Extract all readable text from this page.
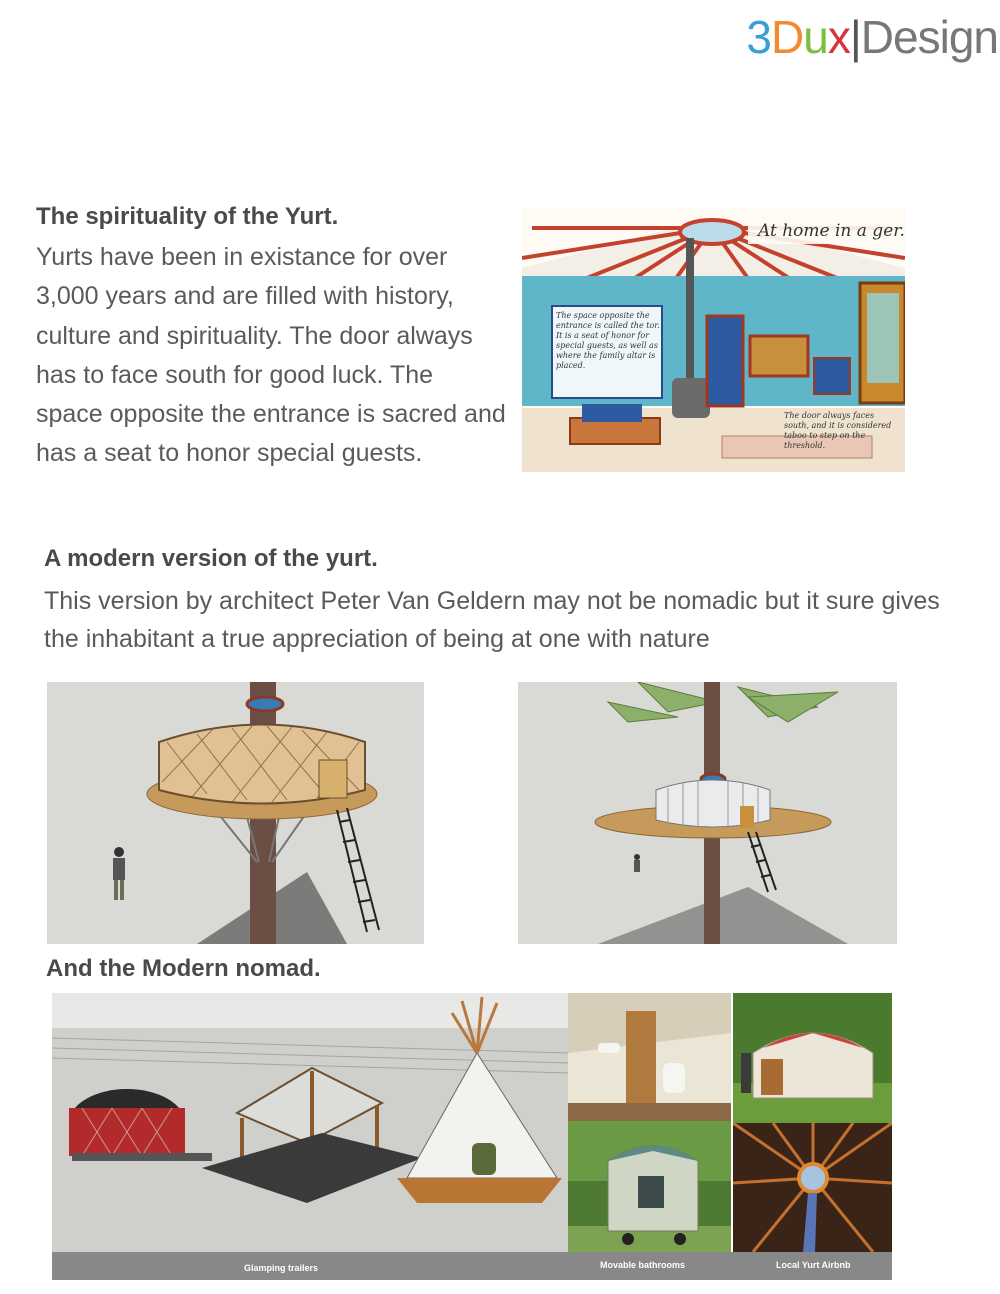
3Dux|Design

The spirituality of the Yurt.

Yurts have been in existance for over 3,000 years and are filled with history, culture and spirituality. The door always has to face south for good luck. The space opposite the entrance is sacred and has a seat to honor special guests.

At home in a ger.
The space opposite the entrance is called the tor. It is a seat of honor for special guests, as well as where the family altar is placed.
The door always faces south, and it is considered taboo to step on the threshold.

A modern version of the yurt.

This version by architect Peter Van Geldern may not be nomadic but it sure gives the inhabitant a true appreciation of being at one with nature

And the Modern nomad.

Glamping trailers	Movable bathrooms	Local Yurt Airbnb
